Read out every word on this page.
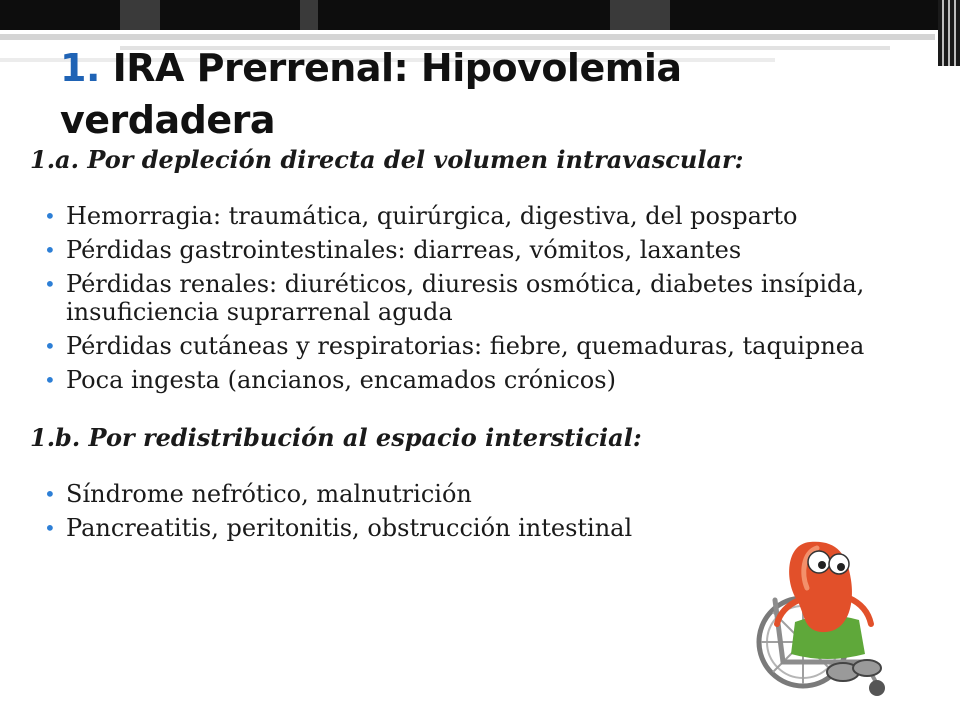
1. IRA Prerrenal: Hipovolemia verdadera

1.a. Por depleción directa del volumen intravascular:

• Hemorragia: traumática, quirúrgica, digestiva, del posparto
• Pérdidas gastrointestinales: diarreas, vómitos, laxantes
• Pérdidas renales: diuréticos, diuresis osmótica, diabetes insípida, insuficiencia suprarrenal aguda
• Pérdidas cutáneas y respiratorias: fiebre, quemaduras, taquipnea
• Poca ingesta (ancianos, encamados crónicos)

1.b. Por redistribución al espacio intersticial:

• Síndrome nefrótico, malnutrición
• Pancreatitis, peritonitis, obstrucción intestinal
